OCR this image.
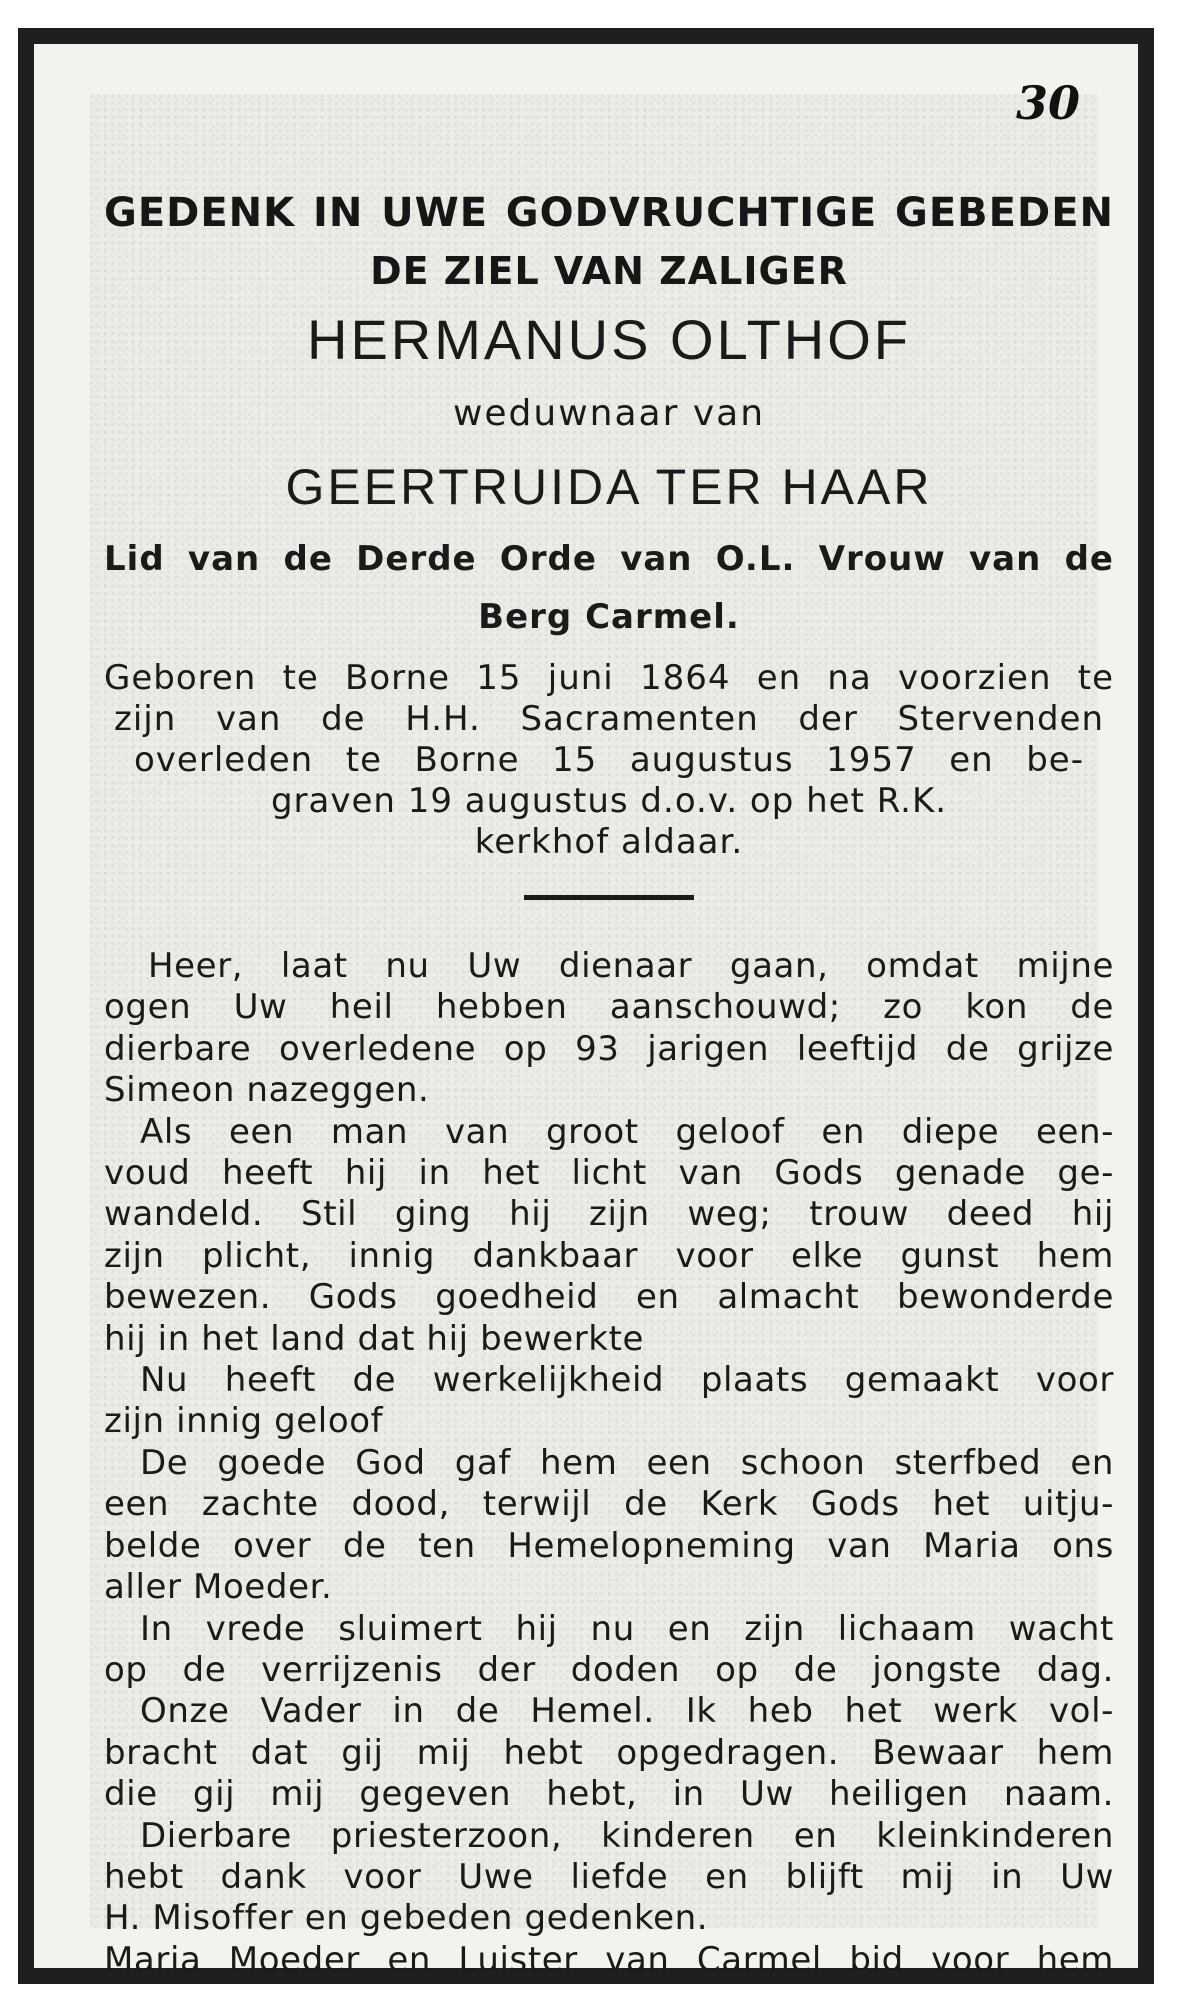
30
GEDENK IN UWE GODVRUCHTIGE GEBEDEN
DE ZIEL VAN ZALIGER
HERMANUS OLTHOF
weduwnaar van
GEERTRUIDA TER HAAR
Lid van de Derde Orde van O.L. Vrouw van de
Berg Carmel.
Geboren te Borne 15 juni 1864 en na voorzien te
zijn van de H.H. Sacramenten der Stervenden
overleden te Borne 15 augustus 1957 en be-
graven 19 augustus d.o.v. op het R.K.
kerkhof aldaar.
Heer, laat nu Uw dienaar gaan, omdat mijne
ogen Uw heil hebben aanschouwd; zo kon de
dierbare overledene op 93 jarigen leeftijd de grijze
Simeon nazeggen.
Als een man van groot geloof en diepe een-
voud heeft hij in het licht van Gods genade ge-
wandeld. Stil ging hij zijn weg; trouw deed hij
zijn plicht, innig dankbaar voor elke gunst hem
bewezen. Gods goedheid en almacht bewonderde
hij in het land dat hij bewerkte
Nu heeft de werkelijkheid plaats gemaakt voor
zijn innig geloof
De goede God gaf hem een schoon sterfbed en
een zachte dood, terwijl de Kerk Gods het uitju-
belde over de ten Hemelopneming van Maria ons
aller Moeder.
In vrede sluimert hij nu en zijn lichaam wacht
op de verrijzenis der doden op de jongste dag.
Onze Vader in de Hemel. Ik heb het werk vol-
bracht dat gij mij hebt opgedragen. Bewaar hem
die gij mij gegeven hebt, in Uw heiligen naam.
Dierbare priesterzoon, kinderen en kleinkinderen
hebt dank voor Uwe liefde en blijft mij in Uw
H. Misoffer en gebeden gedenken.
Maria Moeder en Luister van Carmel bid voor hem
